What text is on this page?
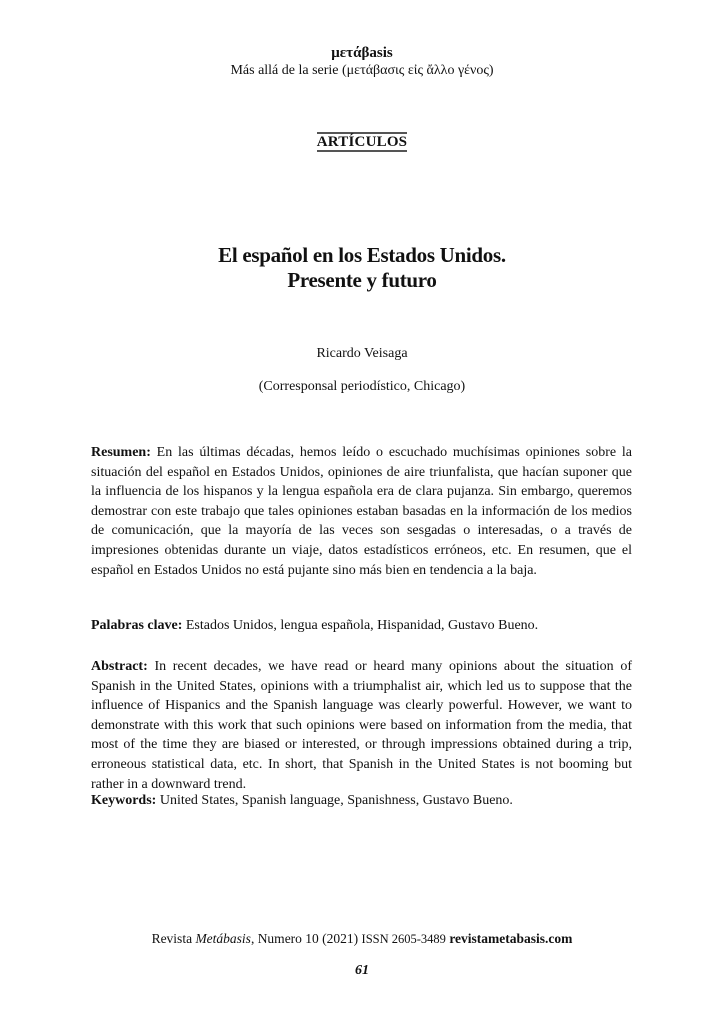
μετάβasis
Más allá de la serie (μετάβασις εἰς ἄλλο γένος)
ARTÍCULOS
El español en los Estados Unidos.
Presente y futuro
Ricardo Veisaga
(Corresponsal periodístico, Chicago)

Resumen: En las últimas décadas, hemos leído o escuchado muchísimas opiniones sobre la situación del español en Estados Unidos, opiniones de aire triunfalista, que hacían suponer que la influencia de los hispanos y la lengua española era de clara pujanza. Sin embargo, queremos demostrar con este trabajo que tales opiniones estaban basadas en la información de los medios de comunicación, que la mayoría de las veces son sesgadas o interesadas, o a través de impresiones obtenidas durante un viaje, datos estadísticos erróneos, etc. En resumen, que el español en Estados Unidos no está pujante sino más bien en tendencia a la baja.

Palabras clave: Estados Unidos, lengua española, Hispanidad, Gustavo Bueno.

Abstract: In recent decades, we have read or heard many opinions about the situation of Spanish in the United States, opinions with a triumphalist air, which led us to suppose that the influence of Hispanics and the Spanish language was clearly powerful. However, we want to demonstrate with this work that such opinions were based on information from the media, that most of the time they are biased or interested, or through impressions obtained during a trip, erroneous statistical data, etc. In short, that Spanish in the United States is not booming but rather in a downward trend.

Keywords: United States, Spanish language, Spanishness, Gustavo Bueno.

Revista Metábasis, Numero 10 (2021) ISSN 2605-3489 revistametabasis.com
61
